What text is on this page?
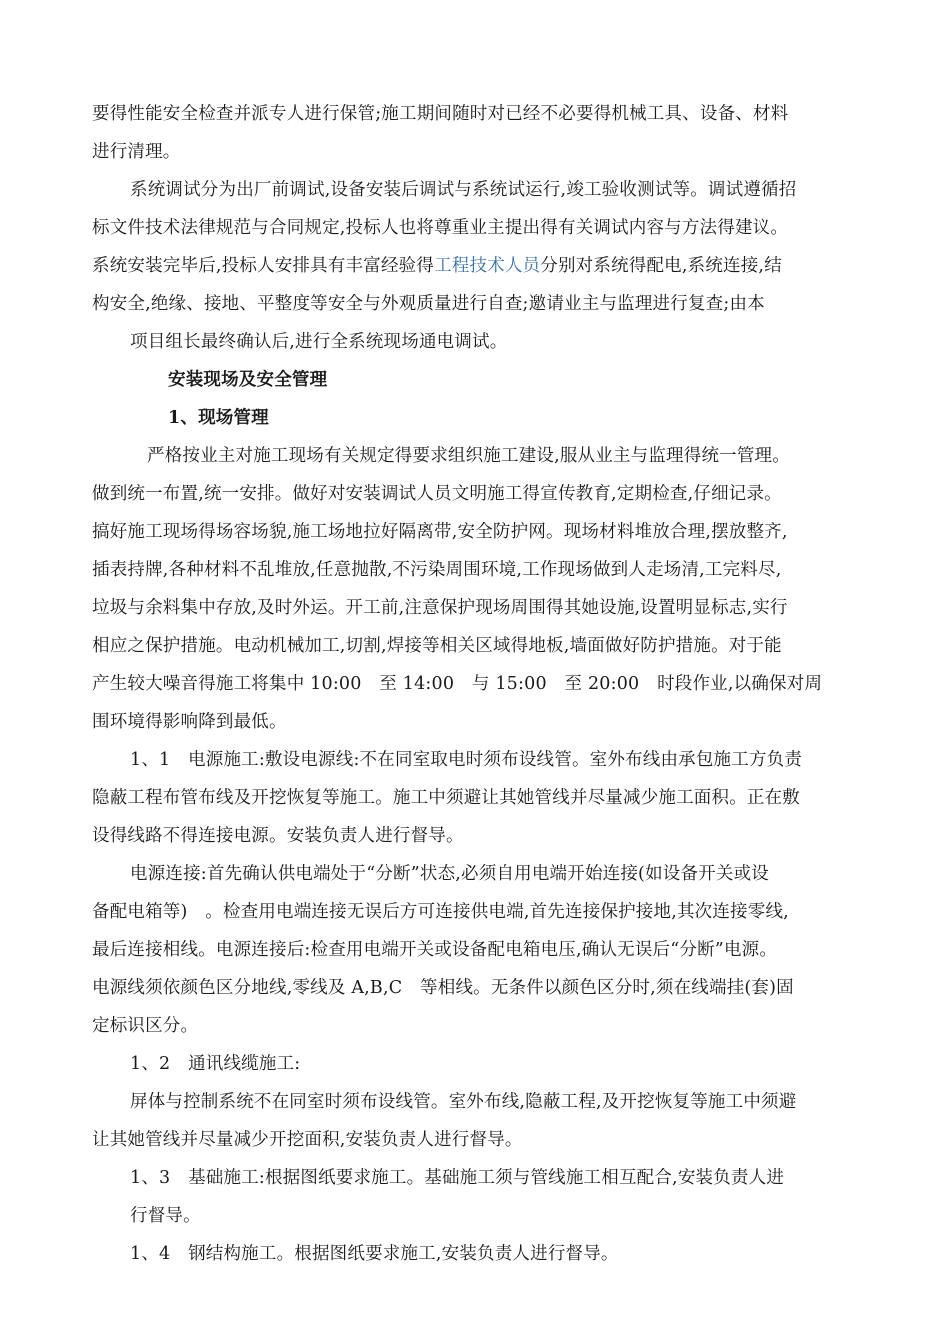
要得性能安全检查并派专人进行保管;施工期间随时对已经不必要得机械工具、设备、材料
进行清理。
系统调试分为出厂前调试,设备安装后调试与系统试运行,竣工验收测试等。调试遵循招
标文件技术法律规范与合同规定,投标人也将尊重业主提出得有关调试内容与方法得建议。
系统安装完毕后,投标人安排具有丰富经验得工程技术人员分别对系统得配电,系统连接,结
构安全,绝缘、接地、平整度等安全与外观质量进行自查;邀请业主与监理进行复查;由本
项目组长最终确认后,进行全系统现场通电调试。
安装现场及安全管理
1、现场管理
严格按业主对施工现场有关规定得要求组织施工建设,服从业主与监理得统一管理。
做到统一布置,统一安排。做好对安装调试人员文明施工得宣传教育,定期检查,仔细记录。
搞好施工现场得场容场貌,施工场地拉好隔离带,安全防护网。现场材料堆放合理,摆放整齐,
插表持牌,各种材料不乱堆放,任意抛散,不污染周围环境,工作现场做到人走场清,工完料尽,
垃圾与余料集中存放,及时外运。开工前,注意保护现场周围得其她设施,设置明显标志,实行
相应之保护措施。电动机械加工,切割,焊接等相关区域得地板,墙面做好防护措施。对于能
产生较大噪音得施工将集中 10:00　至 14:00　与 15:00　至 20:00　时段作业,以确保对周
围环境得影响降到最低。
1、1　电源施工:敷设电源线:不在同室取电时须布设线管。室外布线由承包施工方负责
隐蔽工程布管布线及开挖恢复等施工。施工中须避让其她管线并尽量减少施工面积。正在敷
设得线路不得连接电源。安装负责人进行督导。
电源连接:首先确认供电端处于“分断”状态,必须自用电端开始连接(如设备开关或设
备配电箱等)　。检查用电端连接无误后方可连接供电端,首先连接保护接地,其次连接零线,
最后连接相线。电源连接后:检查用电端开关或设备配电箱电压,确认无误后“分断”电源。
电源线须依颜色区分地线,零线及 A,B,C　等相线。无条件以颜色区分时,须在线端挂(套)固
定标识区分。
1、2　通讯线缆施工:
屏体与控制系统不在同室时须布设线管。室外布线,隐蔽工程,及开挖恢复等施工中须避
让其她管线并尽量减少开挖面积,安装负责人进行督导。
1、3　基础施工:根据图纸要求施工。基础施工须与管线施工相互配合,安装负责人进
行督导。
1、4　钢结构施工。根据图纸要求施工,安装负责人进行督导。
